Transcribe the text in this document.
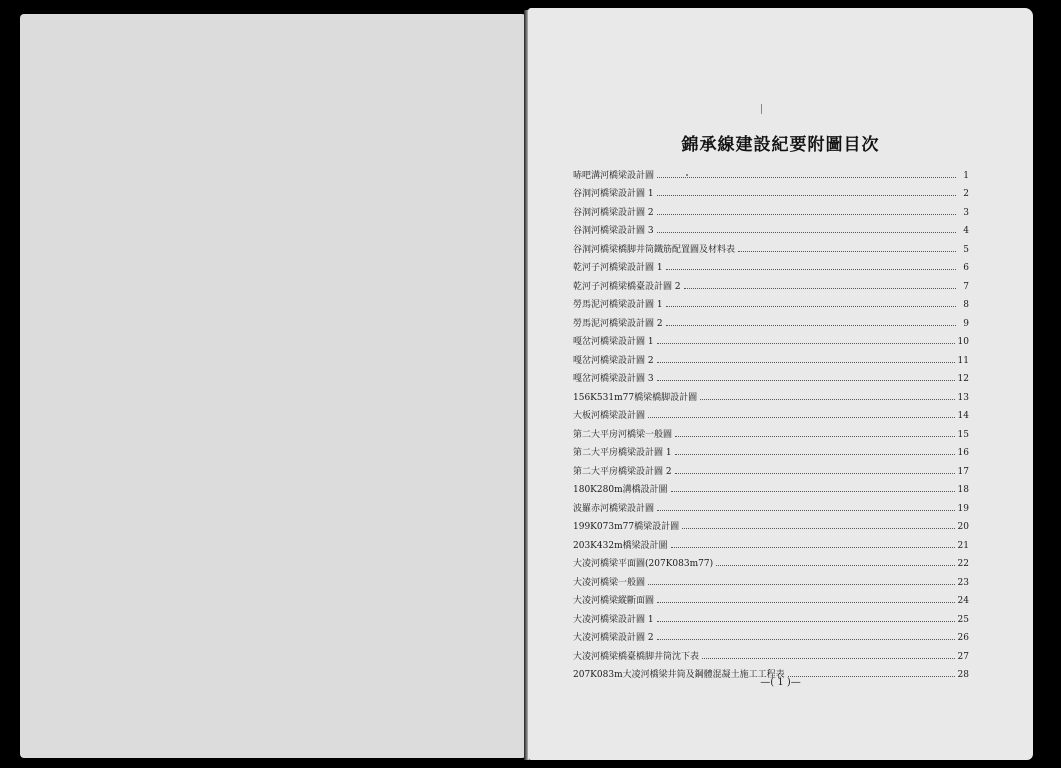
錦承線建設紀要附圖目次
哧吧溝河橋梁設計圖	1
谷洞河橋梁設計圖 1	2
谷洞河橋梁設計圖 2	3
谷洞河橋梁設計圖 3	4
谷洞河橋梁橋脚井筒鐵筋配置圖及材料表	5
乾河子河橋梁設計圖 1	6
乾河子河橋梁橋臺設計圖 2	7
勞馬泥河橋梁設計圖 1	8
勞馬泥河橋梁設計圖 2	9
嘎岔河橋梁設計圖 1	10
嘎岔河橋梁設計圖 2	11
嘎岔河橋梁設計圖 3	12
156K531m77橋梁橋脚設計圖	13
大板河橋梁設計圖	14
第二大平房河橋梁一般圖	15
第二大平房橋梁設計圖 1	16
第二大平房橋梁設計圖 2	17
180K280m溝橋設計圖	18
波羅赤河橋梁設計圖	19
199K073m77橋梁設計圖	20
203K432m橋梁設計圖	21
大凌河橋梁平面圖(207K083m77)	22
大凌河橋梁一般圖	23
大凌河橋梁縱斷面圖	24
大凌河橋梁設計圖 1	25
大凌河橋梁設計圖 2	26
大凌河橋梁橋臺橋脚井筒沈下表	27
207K083m大凌河橋梁井筒及鋼體混凝土施工工程表	28
—( 1 )—
